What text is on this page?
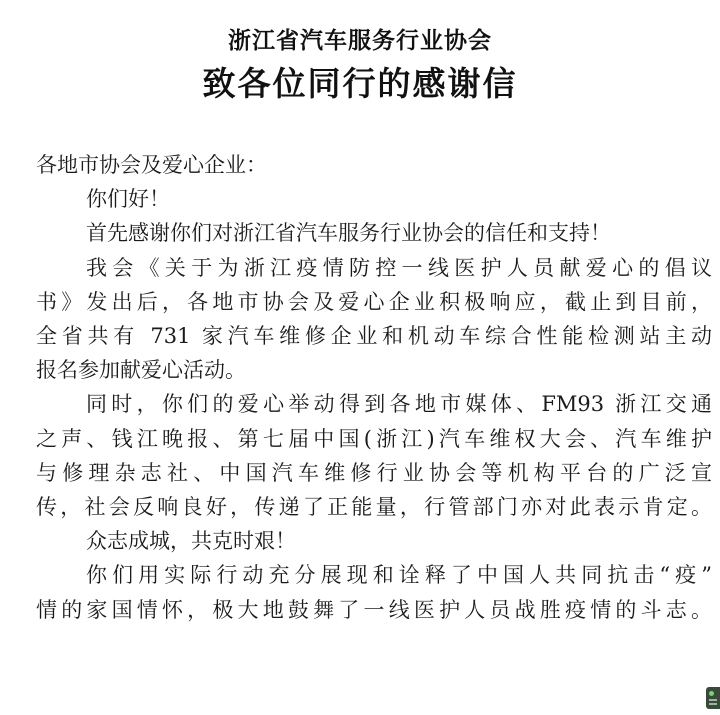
浙江省汽车服务行业协会
致各位同行的感谢信
各地市协会及爱心企业：
你们好！
首先感谢你们对浙江省汽车服务行业协会的信任和支持！
我会《关于为浙江疫情防控一线医护人员献爱心的倡议
书》发出后，各地市协会及爱心企业积极响应，截止到目前，
全省共有 731 家汽车维修企业和机动车综合性能检测站主动
报名参加献爱心活动。
同时，你们的爱心举动得到各地市媒体、FM93 浙江交通
之声、钱江晚报、第七届中国(浙江)汽车维权大会、汽车维护
与修理杂志社、中国汽车维修行业协会等机构平台的广泛宣
传，社会反响良好，传递了正能量，行管部门亦对此表示肯定。
众志成城，共克时艰！
你们用实际行动充分展现和诠释了中国人共同抗击“疫”
情的家国情怀，极大地鼓舞了一线医护人员战胜疫情的斗志。
